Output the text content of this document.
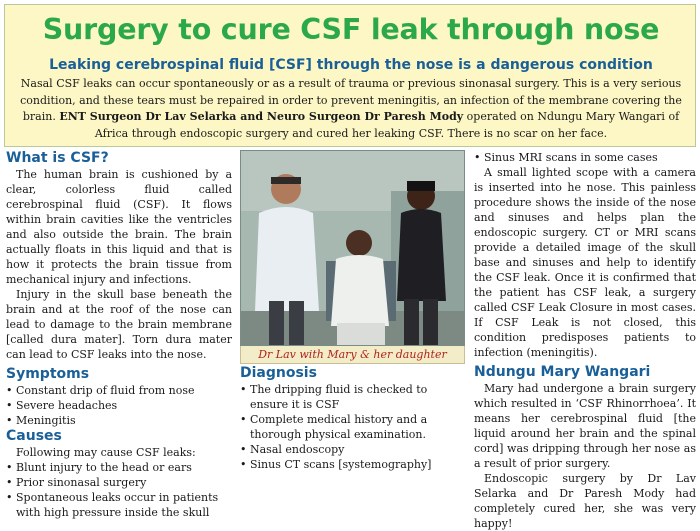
Surgery to cure CSF leak through nose
Leaking cerebrospinal fluid [CSF] through the nose is a dangerous condition
Nasal CSF leaks can occur spontaneously or as a result of trauma or previous sinonasal surgery. This is a very serious condition, and these tears must be repaired in order to prevent meningitis, an infection of the membrane covering the brain. ENT Surgeon Dr Lav Selarka and Neuro Surgeon Dr Paresh Mody operated on Ndungu Mary Wangari of Africa through endoscopic surgery and cured her leaking CSF. There is no scar on her face.
What is CSF?

The human brain is cushioned by a clear, colorless fluid called cerebrospinal fluid (CSF). It flows within brain cavities like the ventricles and also outside the brain. The brain actually floats in this liquid and that is how it protects the brain tissue from mechanical injury and infections.

Injury in the skull base beneath the brain and at the roof of the nose can lead to damage to the brain membrane [called dura mater]. Torn dura mater can lead to CSF leaks into the nose.

Symptoms
• Constant drip of fluid from nose
• Severe headaches
• Meningitis
Causes

Following may cause CSF leaks:

• Blunt injury to the head or ears
• Prior sinonasal surgery
• Spontaneous leaks occur in patients with high pressure inside the skull
Dr Lav with Mary & her daughter
Diagnosis
• The dripping fluid is checked to ensure it is CSF
• Complete medical history and a thorough physical examination.
• Nasal endoscopy
• Sinus CT scans [systemography]
• Sinus MRI scans in some cases

A small lighted scope with a camera is inserted into he nose. This painless procedure shows the inside of the nose and sinuses and helps plan the endoscopic surgery. CT or MRI scans provide a detailed image of the skull base and sinuses and help to identify the CSF leak. Once it is confirmed that the patient has CSF leak, a surgery called CSF Leak Closure in most cases. If CSF Leak is not closed, this condition predisposes patients to infection (meningitis).

Ndungu Mary Wangari

Mary had undergone a brain surgery which resulted in ‘CSF Rhinorrhoea’. It means her cerebrospinal fluid [the liquid around her brain and the spinal cord] was dripping through her nose as a result of prior surgery.

Endoscopic surgery by Dr Lav Selarka and Dr Paresh Mody had completely cured her, she was very happy!
